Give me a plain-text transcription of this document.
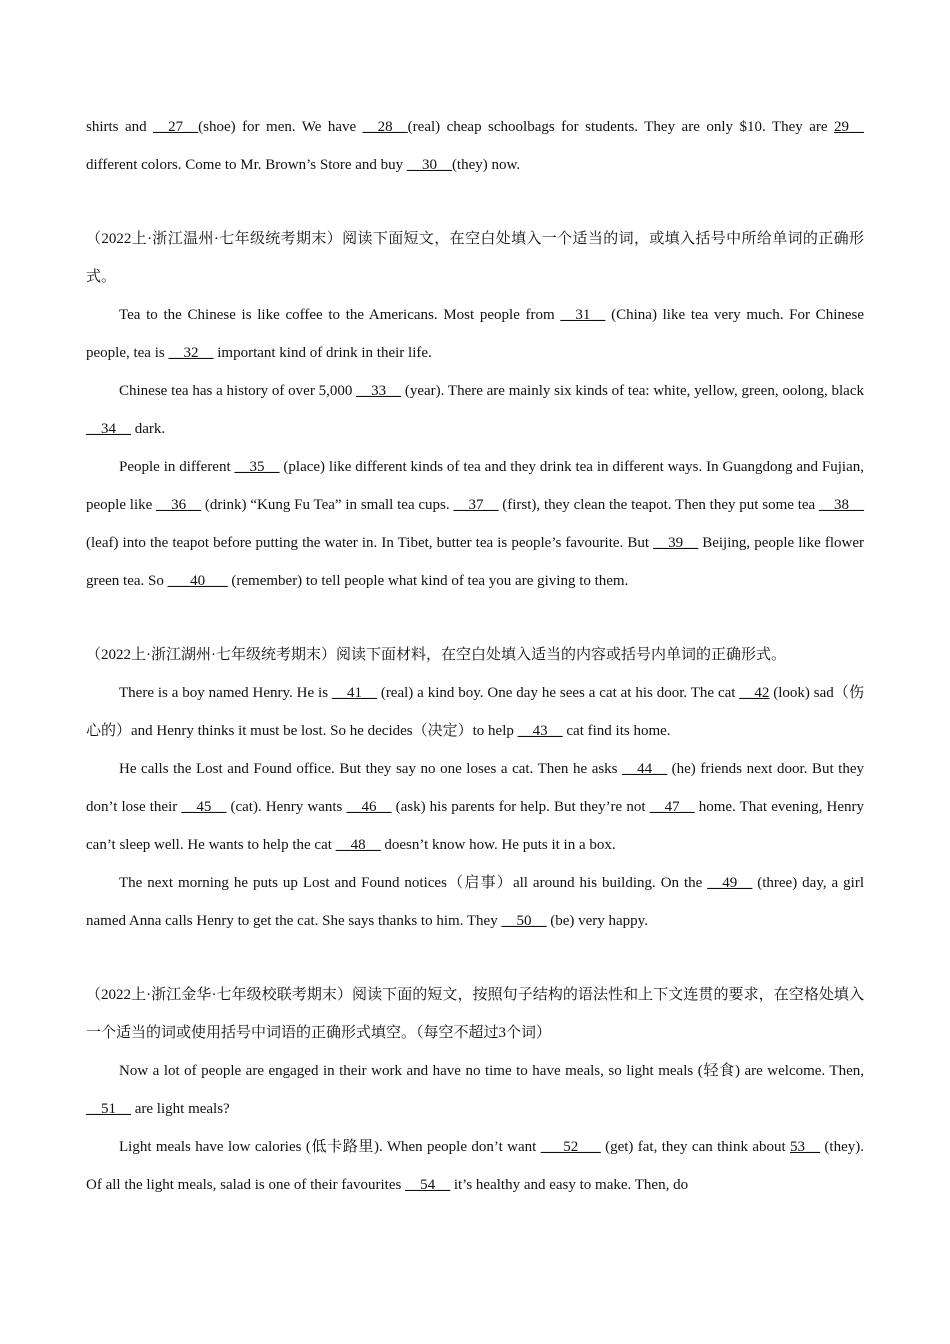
shirts and __27__(shoe) for men. We have __28__(real) cheap schoolbags for students. They are only $10. They are 29__ different colors. Come to Mr. Brown’s Store and buy __30__(they) now.

（2022上·浙江温州·七年级统考期末）阅读下面短文，在空白处填入一个适当的词，或填入括号中所给单词的正确形式。

Tea to the Chinese is like coffee to the Americans. Most people from __31__ (China) like tea very much. For Chinese people, tea is __32__ important kind of drink in their life.

Chinese tea has a history of over 5,000 __33__ (year). There are mainly six kinds of tea: white, yellow, green, oolong, black __34__ dark.

People in different __35__ (place) like different kinds of tea and they drink tea in different ways. In Guangdong and Fujian, people like __36__ (drink) “Kung Fu Tea” in small tea cups. __37__ (first), they clean the teapot. Then they put some tea __38__ (leaf) into the teapot before putting the water in. In Tibet, butter tea is people’s favourite. But __39__ Beijing, people like flower green tea. So ___40___ (remember) to tell people what kind of tea you are giving to them.

（2022上·浙江湖州·七年级统考期末）阅读下面材料，在空白处填入适当的内容或括号内单词的正确形式。

There is a boy named Henry. He is __41__ (real) a kind boy. One day he sees a cat at his door. The cat __42 (look) sad（伤心的）and Henry thinks it must be lost. So he decides（决定）to help __43__ cat find its home.

He calls the Lost and Found office. But they say no one loses a cat. Then he asks __44__ (he) friends next door. But they don’t lose their __45__ (cat). Henry wants __46__ (ask) his parents for help. But they’re not __47__ home. That evening, Henry can’t sleep well. He wants to help the cat __48__ doesn’t know how. He puts it in a box.

The next morning he puts up Lost and Found notices（启事）all around his building. On the __49__ (three) day, a girl named Anna calls Henry to get the cat. She says thanks to him. They __50__ (be) very happy.

（2022上·浙江金华·七年级校联考期末）阅读下面的短文，按照句子结构的语法性和上下文连贯的要求，在空格处填入一个适当的词或使用括号中词语的正确形式填空。（每空不超过3个词）

Now a lot of people are engaged in their work and have no time to have meals, so light meals (轻食) are welcome. Then, __51__ are light meals?

Light meals have low calories (低卡路里). When people don’t want ___52___ (get) fat, they can think about 53__ (they). Of all the light meals, salad is one of their favourites __54__ it’s healthy and easy to make. Then, do
